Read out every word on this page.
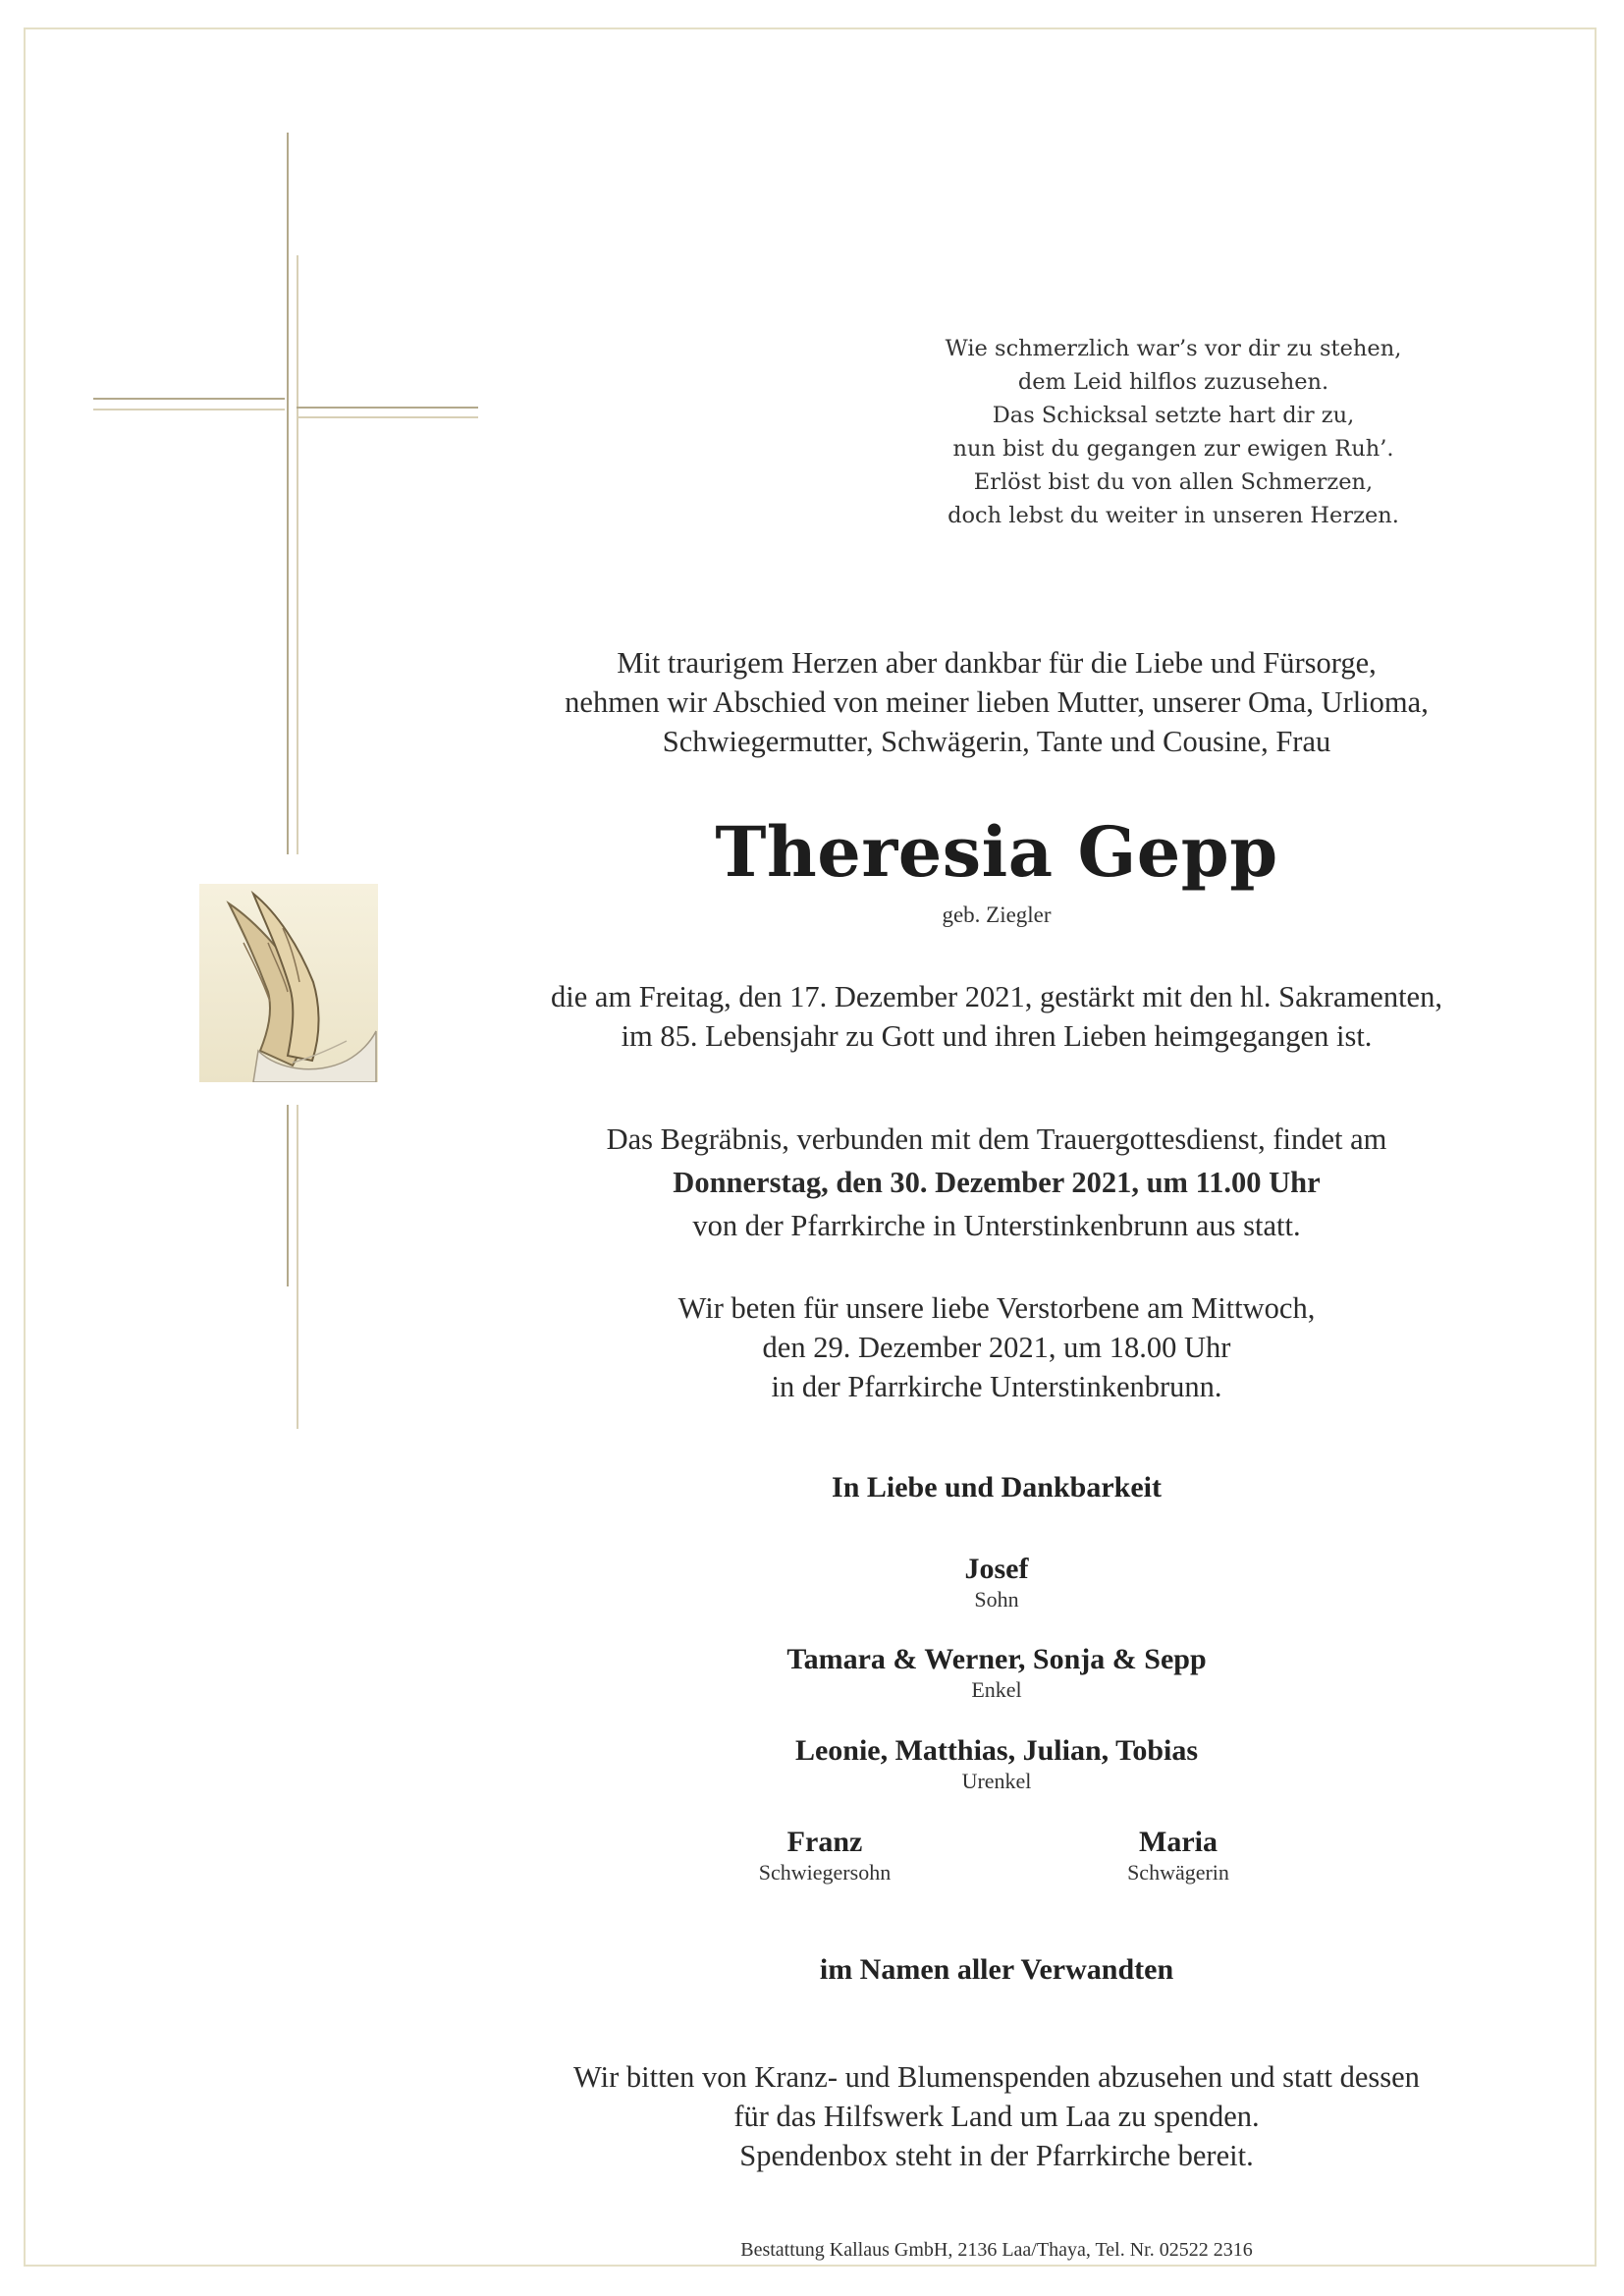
Wie schmerzlich war’s vor dir zu stehen,
dem Leid hilflos zuzusehen.
Das Schicksal setzte hart dir zu,
nun bist du gegangen zur ewigen Ruh’.
Erlöst bist du von allen Schmerzen,
doch lebst du weiter in unseren Herzen.
Mit traurigem Herzen aber dankbar für die Liebe und Fürsorge,
nehmen wir Abschied von meiner lieben Mutter, unserer Oma, Urlioma,
Schwiegermutter, Schwägerin, Tante und Cousine, Frau
Theresia Gepp
geb. Ziegler
die am Freitag, den 17. Dezember 2021, gestärkt mit den hl. Sakramenten,
im 85. Lebensjahr zu Gott und ihren Lieben heimgegangen ist.
Das Begräbnis, verbunden mit dem Trauergottesdienst, findet am
Donnerstag, den 30. Dezember 2021, um 11.00 Uhr
von der Pfarrkirche in Unterstinkenbrunn aus statt.
Wir beten für unsere liebe Verstorbene am Mittwoch,
den 29. Dezember 2021, um 18.00 Uhr
in der Pfarrkirche Unterstinkenbrunn.
In Liebe und Dankbarkeit
Josef
Sohn
Tamara & Werner, Sonja & Sepp
Enkel
Leonie, Matthias, Julian, Tobias
Urenkel
Franz
Schwiegersohn
Maria
Schwägerin
im Namen aller Verwandten
Wir bitten von Kranz- und Blumenspenden abzusehen und statt dessen
für das Hilfswerk Land um Laa zu spenden.
Spendenbox steht in der Pfarrkirche bereit.
Bestattung Kallaus GmbH, 2136 Laa/Thaya, Tel. Nr. 02522 2316
